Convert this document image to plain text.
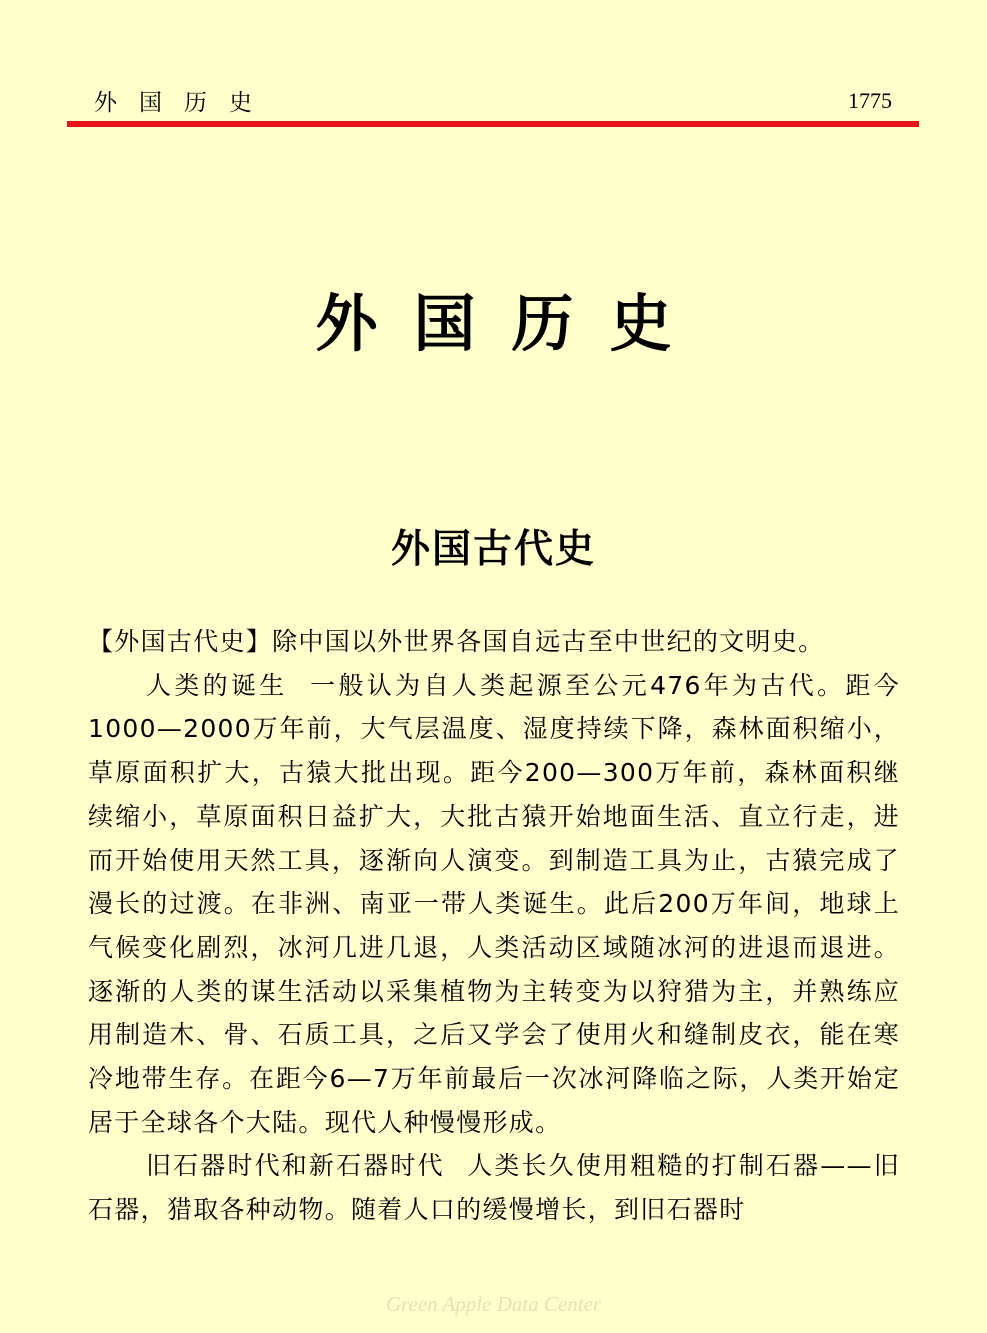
外国历史	1775
外国历史
外国古代史

【外国古代史】除中国以外世界各国自远古至中世纪的文明史。

人类的诞生 一般认为自人类起源至公元476年为古代。距今1000—2000万年前，大气层温度、湿度持续下降，森林面积缩小，草原面积扩大，古猿大批出现。距今200—300万年前，森林面积继续缩小，草原面积日益扩大，大批古猿开始地面生活、直立行走，进而开始使用天然工具，逐渐向人演变。到制造工具为止，古猿完成了漫长的过渡。在非洲、南亚一带人类诞生。此后200万年间，地球上气候变化剧烈，冰河几进几退，人类活动区域随冰河的进退而退进。逐渐的人类的谋生活动以采集植物为主转变为以狩猎为主，并熟练应用制造木、骨、石质工具，之后又学会了使用火和缝制皮衣，能在寒冷地带生存。在距今6—7万年前最后一次冰河降临之际，人类开始定居于全球各个大陆。现代人种慢慢形成。

旧石器时代和新石器时代 人类长久使用粗糙的打制石器——旧石器，猎取各种动物。随着人口的缓慢增长，到旧石器时

Green Apple Data Center
